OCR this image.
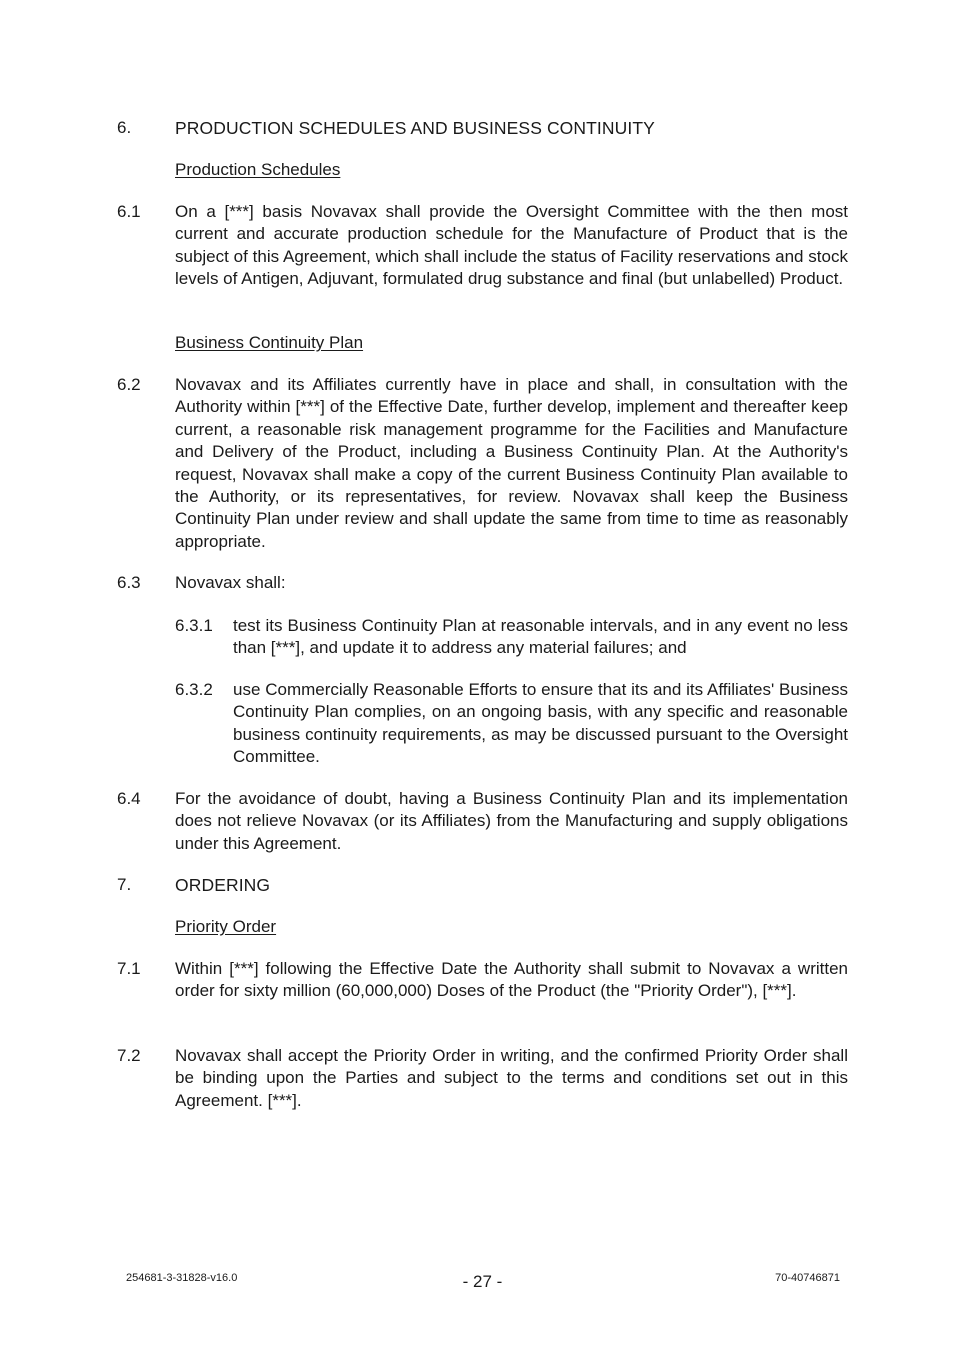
6.	PRODUCTION SCHEDULES AND BUSINESS CONTINUITY
Production Schedules
6.1 On a [***] basis Novavax shall provide the Oversight Committee with the then most current and accurate production schedule for the Manufacture of Product that is the subject of this Agreement, which shall include the status of Facility reservations and stock levels of Antigen, Adjuvant, formulated drug substance and final (but unlabelled) Product.
Business Continuity Plan
6.2 Novavax and its Affiliates currently have in place and shall, in consultation with the Authority within [***] of the Effective Date, further develop, implement and thereafter keep current, a reasonable risk management programme for the Facilities and Manufacture and Delivery of the Product, including a Business Continuity Plan. At the Authority's request, Novavax shall make a copy of the current Business Continuity Plan available to the Authority, or its representatives, for review. Novavax shall keep the Business Continuity Plan under review and shall update the same from time to time as reasonably appropriate.
6.3 Novavax shall:
6.3.1 test its Business Continuity Plan at reasonable intervals, and in any event no less than [***], and update it to address any material failures; and
6.3.2 use Commercially Reasonable Efforts to ensure that its and its Affiliates' Business Continuity Plan complies, on an ongoing basis, with any specific and reasonable business continuity requirements, as may be discussed pursuant to the Oversight Committee.
6.4 For the avoidance of doubt, having a Business Continuity Plan and its implementation does not relieve Novavax (or its Affiliates) from the Manufacturing and supply obligations under this Agreement.
7.	ORDERING
Priority Order
7.1 Within [***] following the Effective Date the Authority shall submit to Novavax a written order for sixty million (60,000,000) Doses of the Product (the "Priority Order"), [***].
7.2 Novavax shall accept the Priority Order in writing, and the confirmed Priority Order shall be binding upon the Parties and subject to the terms and conditions set out in this Agreement. [***].
254681-3-31828-v16.0	- 27 -	70-40746871
